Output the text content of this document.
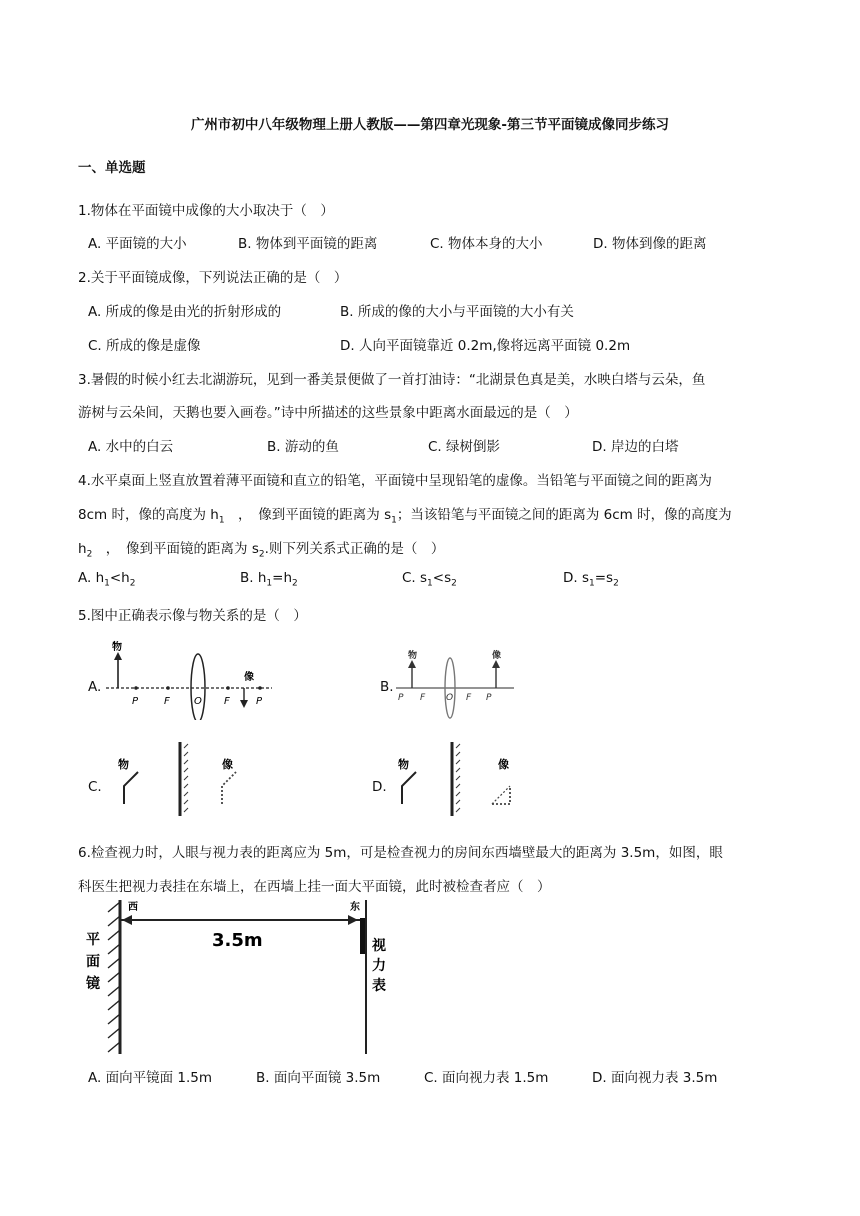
广州市初中八年级物理上册人教版——第四章光现象-第三节平面镜成像同步练习
一、单选题
1.物体在平面镜中成像的大小取决于（　）
A. 平面镜的大小	B. 物体到平面镜的距离	C. 物体本身的大小	D. 物体到像的距离
2.关于平面镜成像，下列说法正确的是（　）
A. 所成的像是由光的折射形成的	B. 所成的像的大小与平面镜的大小有关
C. 所成的像是虚像	D. 人向平面镜靠近 0.2m,像将远离平面镜 0.2m
3.暑假的时候小红去北湖游玩，见到一番美景便做了一首打油诗：“北湖景色真是美，水映白塔与云朵，鱼
游树与云朵间，天鹅也要入画卷。”诗中所描述的这些景象中距离水面最远的是（　）
A. 水中的白云	B. 游动的鱼	C. 绿树倒影	D. 岸边的白塔
4.水平桌面上竖直放置着薄平面镜和直立的铅笔，平面镜中呈现铅笔的虚像。当铅笔与平面镜之间的距离为
8cm 时，像的高度为 $h_1$　，　像到平面镜的距离为 $s_1$；当该铅笔与平面镜之间的距离为 6cm 时，像的高度为
$h_2$　，　像到平面镜的距离为 $s_2$.则下列关系式正确的是（　）
A. $h_1<h_2$	B. $h_1=h_2$	C. $s_1<s_2$	D. $s_1=s_2$
5.图中正确表示像与物关系的是（　）
A.
物
P	F O F	P
像
B.
物	像
P F O F P
C.
物	像
D.
物	像
6.检查视力时，人眼与视力表的距离应为 5m，可是检查视力的房间东西墙壁最大的距离为 3.5m，如图，眼
科医生把视力表挂在东墙上，在西墙上挂一面大平面镜，此时被检查者应（　）
平
面
镜
西	东
3.5m	视
力
表
A. 面向平镜面 1.5m	B. 面向平面镜 3.5m	C. 面向视力表 1.5m	D. 面向视力表 3.5m
